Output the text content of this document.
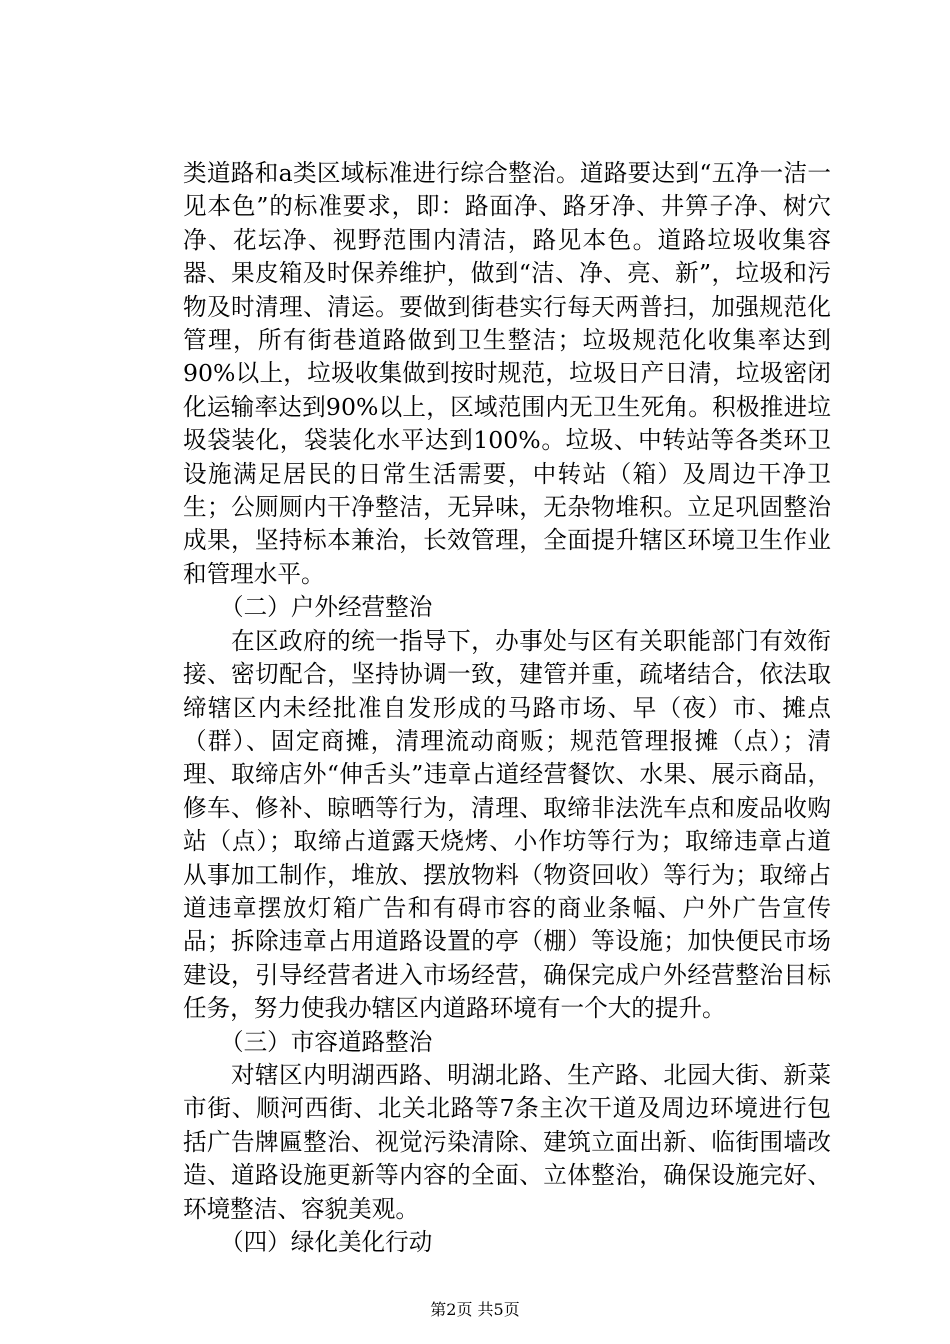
类道路和a类区域标准进行综合整治。道路要达到“五净一洁一见本色”的标准要求，即：路面净、路牙净、井箅子净、树穴净、花坛净、视野范围内清洁，路见本色。道路垃圾收集容器、果皮箱及时保养维护，做到“洁、净、亮、新”，垃圾和污物及时清理、清运。要做到街巷实行每天两普扫，加强规范化管理，所有街巷道路做到卫生整洁；垃圾规范化收集率达到90%以上，垃圾收集做到按时规范，垃圾日产日清，垃圾密闭化运输率达到90%以上，区域范围内无卫生死角。积极推进垃圾袋装化，袋装化水平达到100%。垃圾、中转站等各类环卫设施满足居民的日常生活需要，中转站（箱）及周边干净卫生；公厕厕内干净整洁，无异味，无杂物堆积。立足巩固整治成果，坚持标本兼治，长效管理，全面提升辖区环境卫生作业和管理水平。

（二）户外经营整治

在区政府的统一指导下，办事处与区有关职能部门有效衔接、密切配合，坚持协调一致，建管并重，疏堵结合，依法取缔辖区内未经批准自发形成的马路市场、早（夜）市、摊点（群）、固定商摊，清理流动商贩；规范管理报摊（点）；清理、取缔店外“伸舌头”违章占道经营餐饮、水果、展示商品，修车、修补、晾晒等行为，清理、取缔非法洗车点和废品收购站（点）；取缔占道露天烧烤、小作坊等行为；取缔违章占道从事加工制作，堆放、摆放物料（物资回收）等行为；取缔占道违章摆放灯箱广告和有碍市容的商业条幅、户外广告宣传品；拆除违章占用道路设置的亭（棚）等设施；加快便民市场建设，引导经营者进入市场经营，确保完成户外经营整治目标任务，努力使我办辖区内道路环境有一个大的提升。

（三）市容道路整治

对辖区内明湖西路、明湖北路、生产路、北园大街、新菜市街、顺河西街、北关北路等7条主次干道及周边环境进行包括广告牌匾整治、视觉污染清除、建筑立面出新、临街围墙改造、道路设施更新等内容的全面、立体整治，确保设施完好、环境整洁、容貌美观。

（四）绿化美化行动

第2页 共5页
